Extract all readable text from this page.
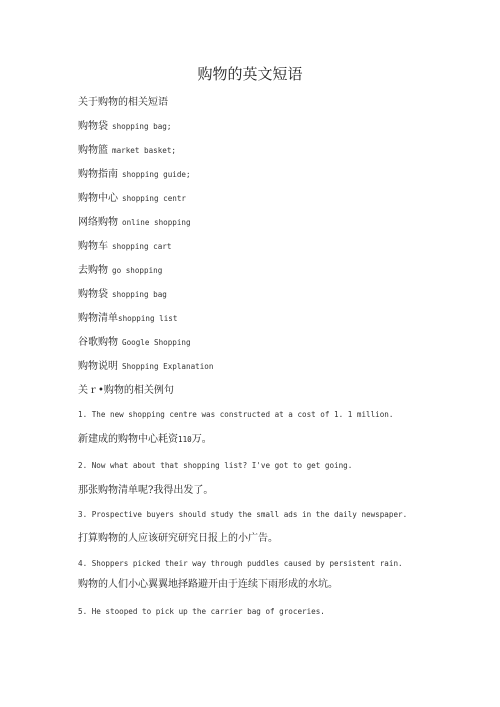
购物的英文短语
关于购物的相关短语
购物袋 shopping bag;
购物篮 market basket;
购物指南 shopping guide;
购物中心 shopping centr
网络购物 online shopping
购物车 shopping cart
去购物 go shopping
购物袋 shopping bag
购物清单shopping list
谷歌购物 Google Shopping
购物说明 Shopping Explanation
关ｒ•购物的相关例句
1. The new shopping centre was constructed at a cost of 1. 1 million.
新建成的购物中心耗资110万。
2. Now what about that shopping list? I've got to get going.
那张购物清单呢?我得出发了。
3. Prospective buyers should study the small ads in the daily newspaper.
打算购物的人应该研究研究日报上的小广告。
4. Shoppers picked their way through puddles caused by persistent rain.
购物的人们小心翼翼地择路避开由于连续下雨形成的水坑。
5. He stooped to pick up the carrier bag of groceries.
